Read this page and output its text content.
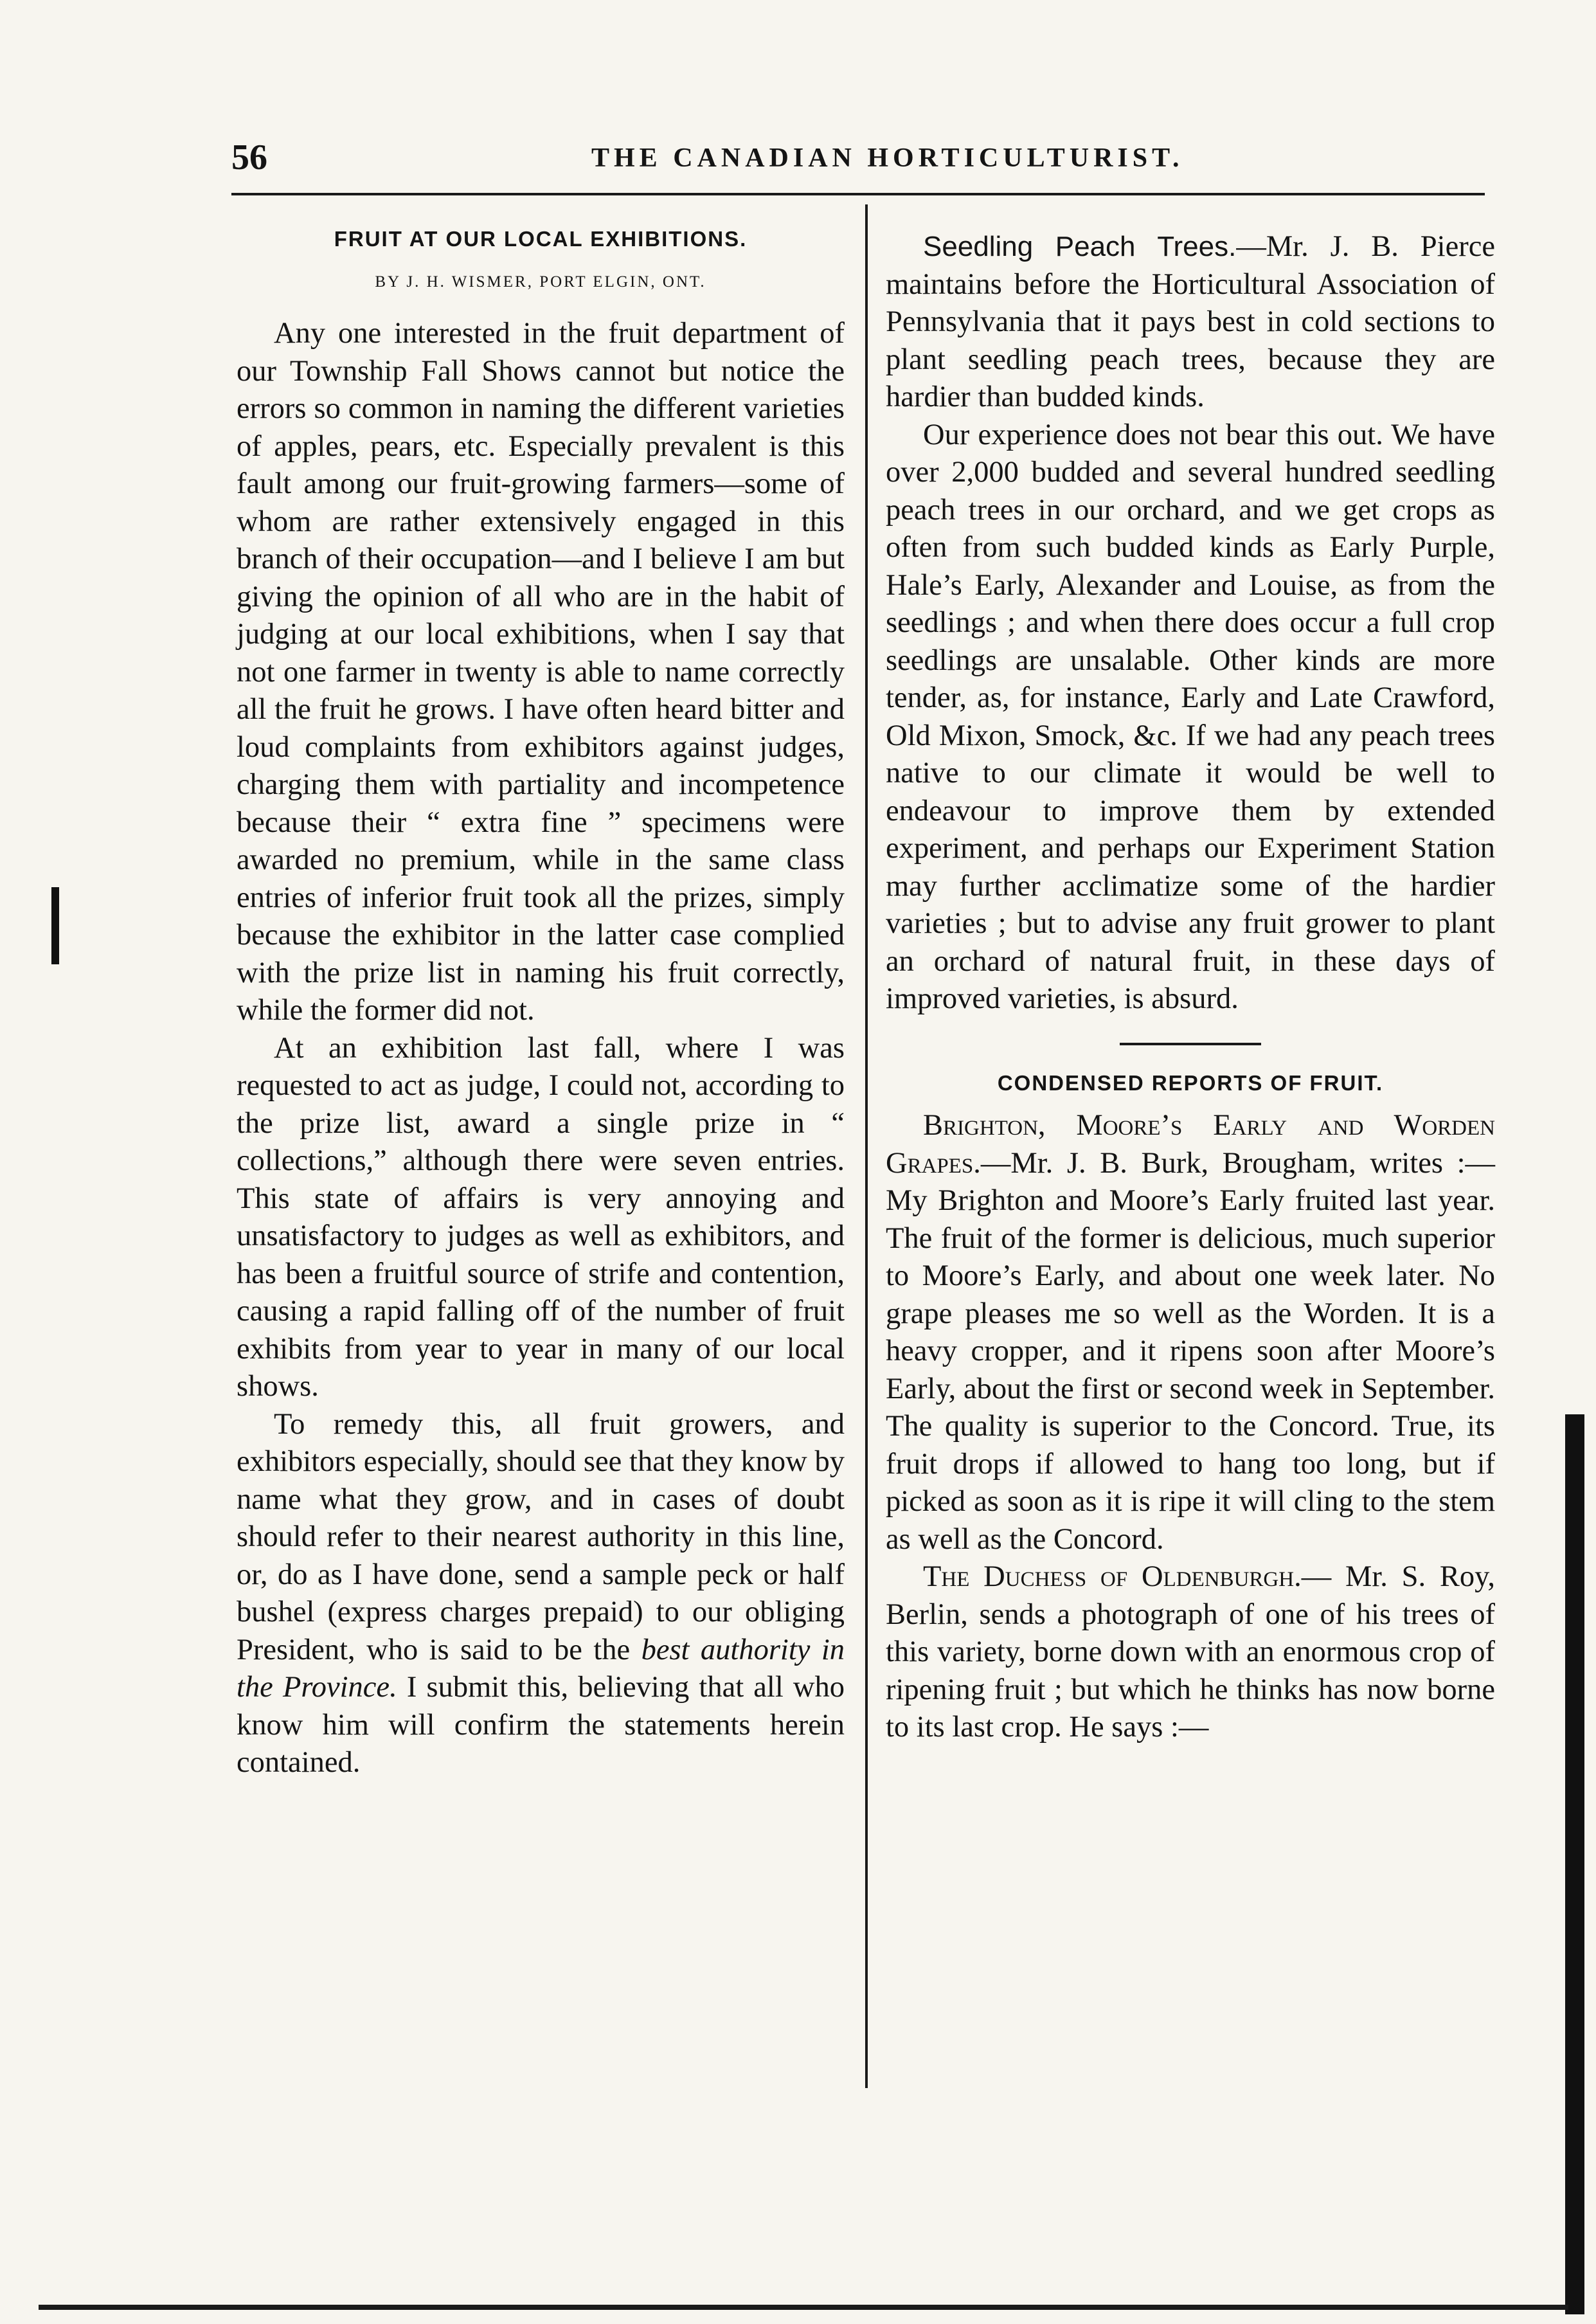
56	THE CANADIAN HORTICULTURIST.
FRUIT AT OUR LOCAL EXHIBITIONS.
BY J. H. WISMER, PORT ELGIN, ONT.

Any one interested in the fruit department of our Township Fall Shows cannot but notice the errors so common in naming the different varieties of apples, pears, etc. Especially prevalent is this fault among our fruit-growing farmers—some of whom are rather extensively engaged in this branch of their occupation—and I believe I am but giving the opinion of all who are in the habit of judging at our local exhibitions, when I say that not one farmer in twenty is able to name correctly all the fruit he grows. I have often heard bitter and loud complaints from exhibitors against judges, charging them with partiality and incompetence because their “ extra fine ” specimens were awarded no premium, while in the same class entries of inferior fruit took all the prizes, simply because the exhibitor in the latter case complied with the prize list in naming his fruit correctly, while the former did not.

At an exhibition last fall, where I was requested to act as judge, I could not, according to the prize list, award a single prize in “ collections,” although there were seven entries. This state of affairs is very annoying and unsatisfactory to judges as well as exhibitors, and has been a fruitful source of strife and contention, causing a rapid falling off of the number of fruit exhibits from year to year in many of our local shows.

To remedy this, all fruit growers, and exhibitors especially, should see that they know by name what they grow, and in cases of doubt should refer to their nearest authority in this line, or, do as I have done, send a sample peck or half bushel (express charges prepaid) to our obliging President, who is said to be the best authority in the Province. I submit this, believing that all who know him will confirm the statements herein contained.

Seedling Peach Trees.—Mr. J. B. Pierce maintains before the Horticultural Association of Pennsylvania that it pays best in cold sections to plant seedling peach trees, because they are hardier than budded kinds.

Our experience does not bear this out. We have over 2,000 budded and several hundred seedling peach trees in our orchard, and we get crops as often from such budded kinds as Early Purple, Hale’s Early, Alexander and Louise, as from the seedlings ; and when there does occur a full crop seedlings are unsalable. Other kinds are more tender, as, for instance, Early and Late Crawford, Old Mixon, Smock, &c. If we had any peach trees native to our climate it would be well to endeavour to improve them by extended experiment, and perhaps our Experiment Station may further acclimatize some of the hardier varieties ; but to advise any fruit grower to plant an orchard of natural fruit, in these days of improved varieties, is absurd.

CONDENSED REPORTS OF FRUIT.

Brighton, Moore’s Early and Worden Grapes.—Mr. J. B. Burk, Brougham, writes :—My Brighton and Moore’s Early fruited last year. The fruit of the former is delicious, much superior to Moore’s Early, and about one week later. No grape pleases me so well as the Worden. It is a heavy cropper, and it ripens soon after Moore’s Early, about the first or second week in September. The quality is superior to the Concord. True, its fruit drops if allowed to hang too long, but if picked as soon as it is ripe it will cling to the stem as well as the Concord.

The Duchess of Oldenburgh.— Mr. S. Roy, Berlin, sends a photograph of one of his trees of this variety, borne down with an enormous crop of ripening fruit ; but which he thinks has now borne to its last crop. He says :—
